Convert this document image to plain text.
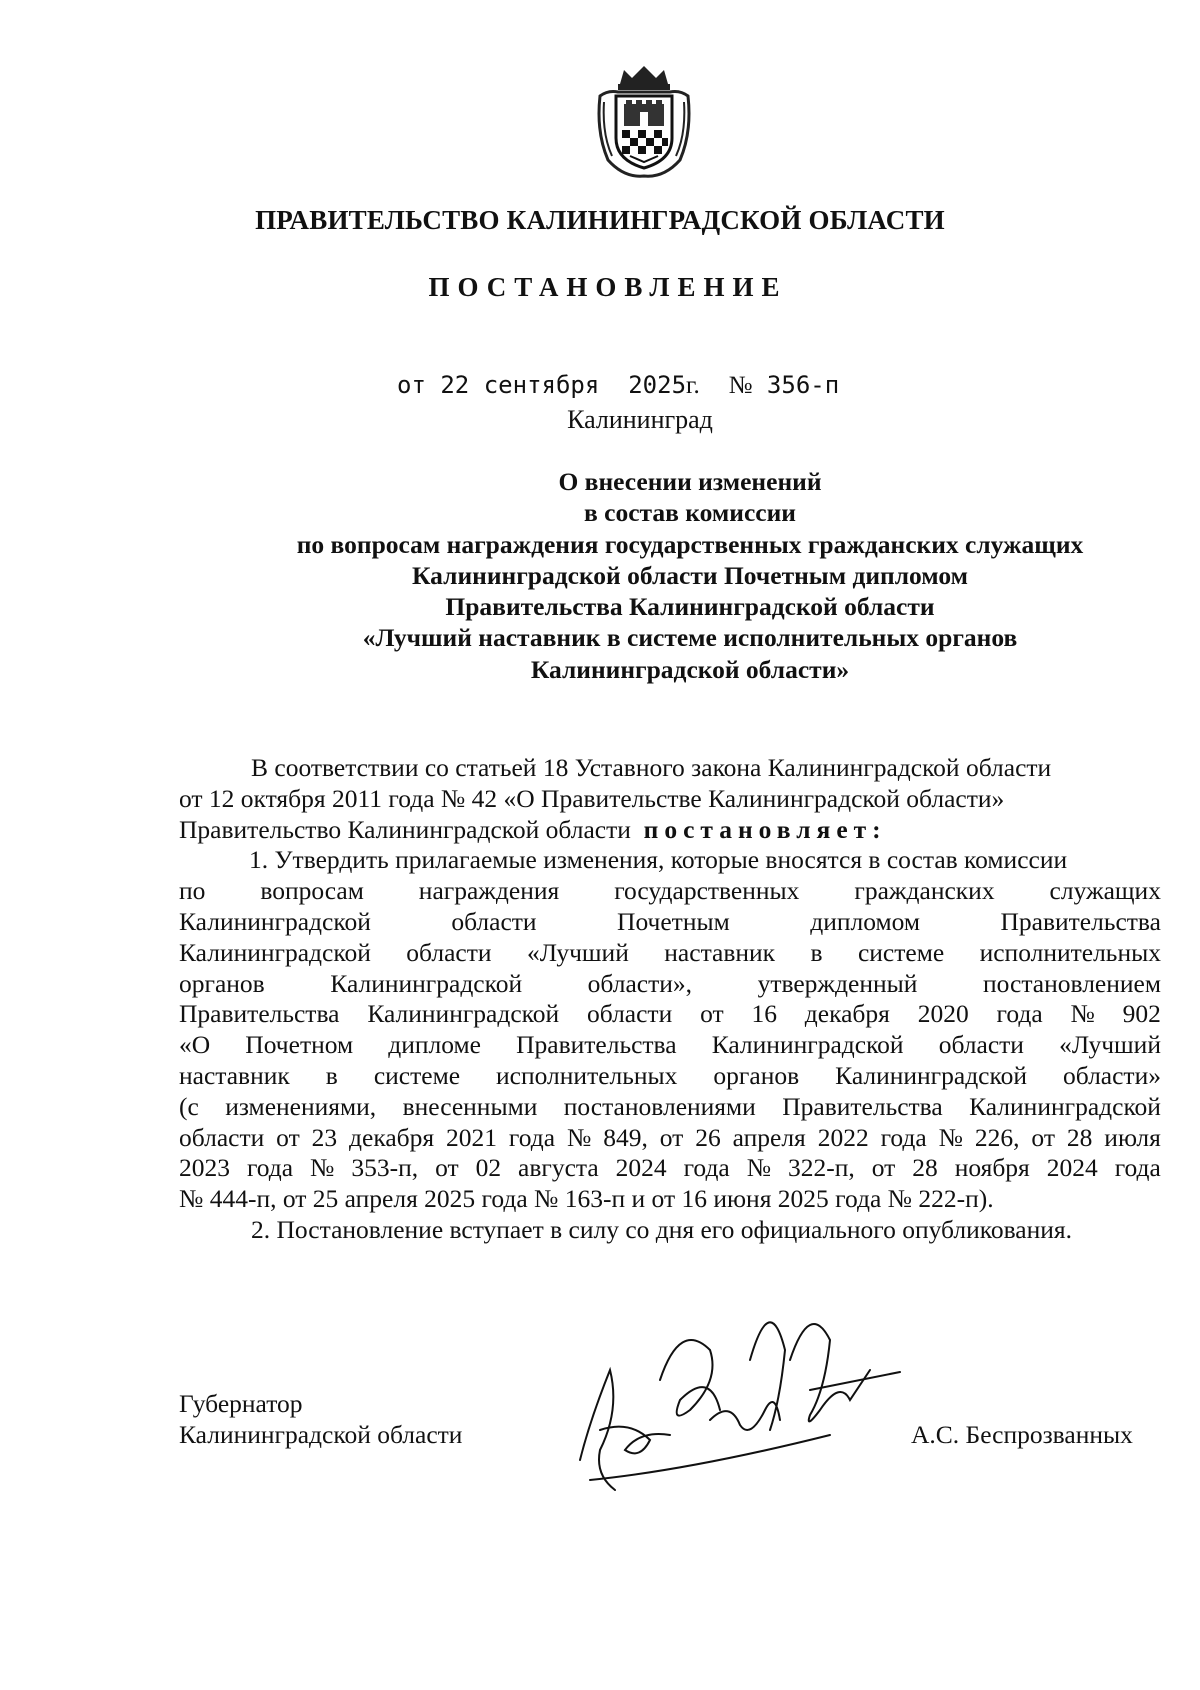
ПРАВИТЕЛЬСТВО КАЛИНИНГРАДСКОЙ ОБЛАСТИ
ПОСТАНОВЛЕНИЕ
от 22 сентября 2025г. № 356-п
Калининград
О внесении изменений
в состав комиссии
по вопросам награждения государственных гражданских служащих
Калининградской области Почетным дипломом
Правительства Калининградской области
«Лучший наставник в системе исполнительных органов
Калининградской области»
В соответствии со статьей 18 Уставного закона Калининградской области
от 12 октября 2011 года № 42 «О Правительстве Калининградской области»
Правительство Калининградской области
постановляет:
1. Утвердить прилагаемые изменения, которые вносятся в состав комиссии
по вопросам награждения государственных гражданских служащих
Калининградской	области	Почетным	дипломом	Правительства
Калининградской области «Лучший наставник в системе исполнительных
органов	Калининградской	области»,	утвержденный	постановлением
Правительства Калининградской области от 16 декабря 2020 года № 902
«О Почетном дипломе Правительства Калининградской области «Лучший
наставник в системе исполнительных органов Калининградской области»
(с изменениями, внесенными постановлениями Правительства Калининградской
области от 23 декабря 2021 года № 849, от 26 апреля 2022 года № 226, от 28 июля
2023 года № 353-п, от 02 августа 2024 года № 322-п, от 28 ноября 2024 года
№ 444-п, от 25 апреля 2025 года № 163-п и от 16 июня 2025 года № 222-п).
2. Постановление вступает в силу со дня его официального опубликования.
Губернатор
Калининградской области	А.С. Беспрозванных
